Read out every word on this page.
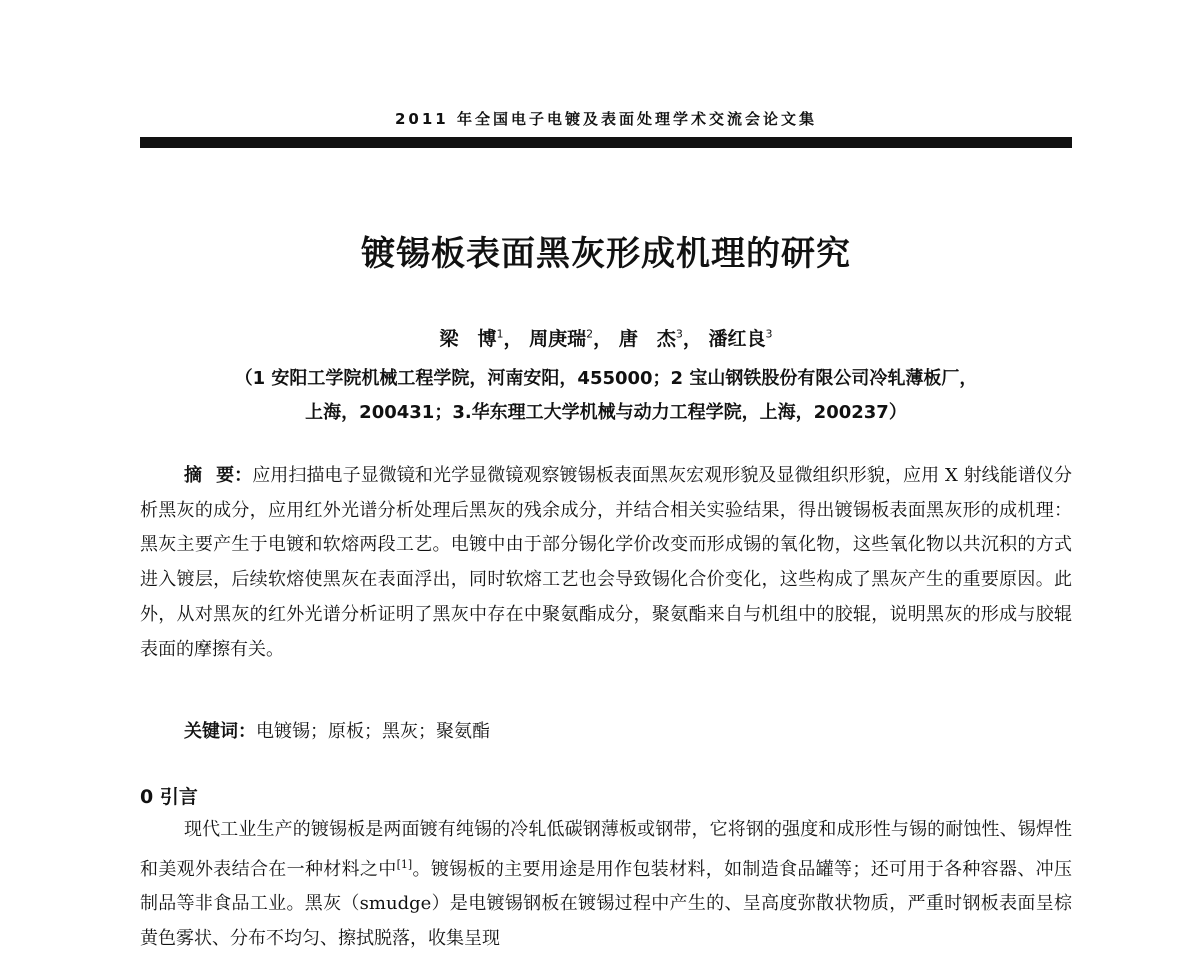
2011 年全国电子电镀及表面处理学术交流会论文集
镀锡板表面黑灰形成机理的研究
梁　博$^1$， 周庚瑞$^2$， 唐　杰$^3$， 潘红良$^3$
（1 安阳工学院机械工程学院，河南安阳，455000；2 宝山钢铁股份有限公司冷轧薄板厂，
上海，200431；3.华东理工大学机械与动力工程学院，上海，200237）
摘要：应用扫描电子显微镜和光学显微镜观察镀锡板表面黑灰宏观形貌及显微组织形貌，应用 X 射线能谱仪分析黑灰的成分，应用红外光谱分析处理后黑灰的残余成分，并结合相关实验结果，得出镀锡板表面黑灰形的成机理：黑灰主要产生于电镀和软熔两段工艺。电镀中由于部分锡化学价改变而形成锡的氧化物，这些氧化物以共沉积的方式进入镀层，后续软熔使黑灰在表面浮出，同时软熔工艺也会导致锡化合价变化，这些构成了黑灰产生的重要原因。此外，从对黑灰的红外光谱分析证明了黑灰中存在中聚氨酯成分，聚氨酯来自与机组中的胶辊，说明黑灰的形成与胶辊表面的摩擦有关。
关键词：电镀锡；原板；黑灰；聚氨酯
0 引言
现代工业生产的镀锡板是两面镀有纯锡的冷轧低碳钢薄板或钢带，它将钢的强度和成形性与锡的耐蚀性、锡焊性和美观外表结合在一种材料之中[1]。镀锡板的主要用途是用作包装材料，如制造食品罐等；还可用于各种容器、冲压制品等非食品工业。黑灰（smudge）是电镀锡钢板在镀锡过程中产生的、呈高度弥散状物质，严重时钢板表面呈棕黄色雾状、分布不均匀、擦拭脱落，收集呈现
